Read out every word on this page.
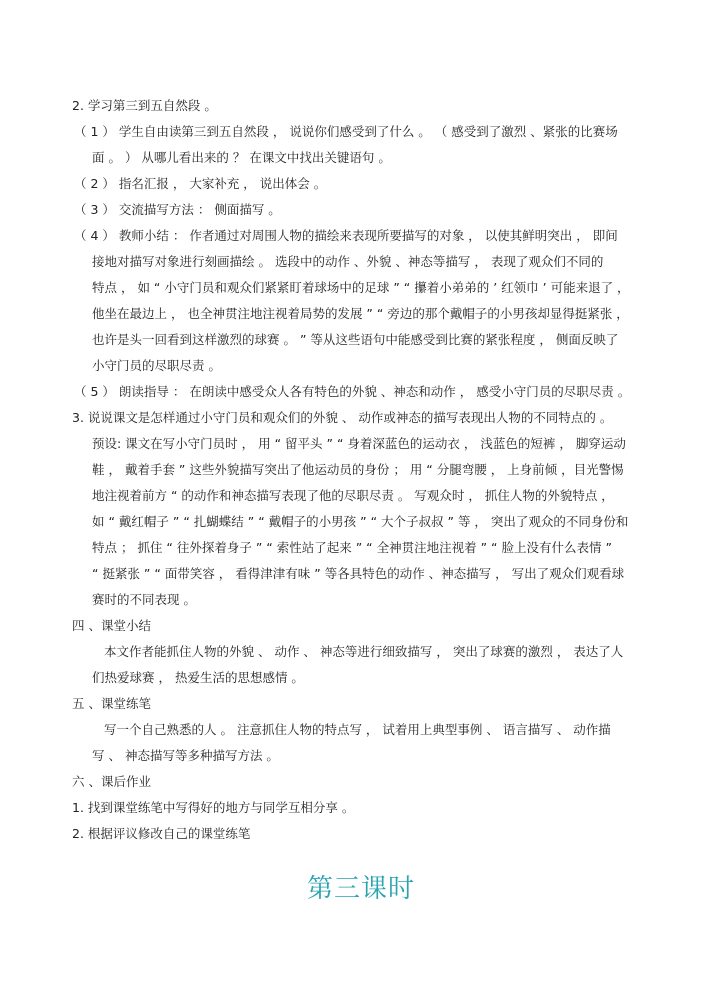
2. 学习第三到五自然段 。
（ 1 ） 学生自由读第三到五自然段 ， 说说你们感受到了什么 。 （ 感受到了激烈 、紧张的比赛场
面 。 ） 从哪儿看出来的 ？ 在课文中找出关键语句 。
（ 2 ） 指名汇报 ， 大家补充 ， 说出体会 。
（ 3 ） 交流描写方法 ： 侧面描写 。
（ 4 ） 教师小结 ： 作者通过对周围人物的描绘来表现所要描写的对象 ， 以使其鲜明突出 ， 即间
接地对描写对象进行刻画描绘 。 选段中的动作 、外貌 、神态等描写 ， 表现了观众们不同的
特点 ， 如 “ 小守门员和观众们紧紧盯着球场中的足球 ” “ 攥着小弟弟的 ’ 红领巾 ’ 可能来退了 ，
他坐在最边上 ， 也全神贯注地注视着局势的发展 ” “ 旁边的那个戴帽子的小男孩却显得挺紧张 ，
也许是头一回看到这样激烈的球赛 。 ” 等从这些语句中能感受到比赛的紧张程度 ， 侧面反映了
小守门员的尽职尽责 。
（ 5 ） 朗读指导 ： 在朗读中感受众人各有特色的外貌 、神态和动作 ， 感受小守门员的尽职尽责 。
3. 说说课文是怎样通过小守门员和观众们的外貌 、 动作或神态的描写表现出人物的不同特点的 。
预设: 课文在写小守门员时 ， 用 “ 留平头 ” “ 身着深蓝色的运动衣 ， 浅蓝色的短裤 ， 脚穿运动
鞋 ， 戴着手套 ” 这些外貌描写突出了他运动员的身份 ； 用 “ 分腿弯腰 ， 上身前倾 ，目光警惕
地注视着前方 “ 的动作和神态描写表现了他的尽职尽责 。 写观众时 ， 抓住人物的外貌特点 ，
如 “ 戴红帽子 ” “ 扎蝴蝶结 ” “ 戴帽子的小男孩 ” “ 大个子叔叔 ” 等 ， 突出了观众的不同身份和
特点 ； 抓住 “ 往外探着身子 ” “ 索性站了起来 ” “ 全神贯注地注视着 ” “ 脸上没有什么表情 ”
“ 挺紧张 ” “ 面带笑容 ， 看得津津有味 ” 等各具特色的动作 、神态描写 ， 写出了观众们观看球
赛时的不同表现 。
四 、课堂小结
本文作者能抓住人物的外貌 、 动作 、 神态等进行细致描写 ， 突出了球赛的激烈 ， 表达了人
们热爱球赛 ， 热爱生活的思想感情 。
五 、课堂练笔
写一个自己熟悉的人 。 注意抓住人物的特点写 ， 试着用上典型事例 、 语言描写 、 动作描
写 、 神态描写等多种描写方法 。
六 、课后作业
1. 找到课堂练笔中写得好的地方与同学互相分享 。
2. 根据评议修改自己的课堂练笔
第三课时
